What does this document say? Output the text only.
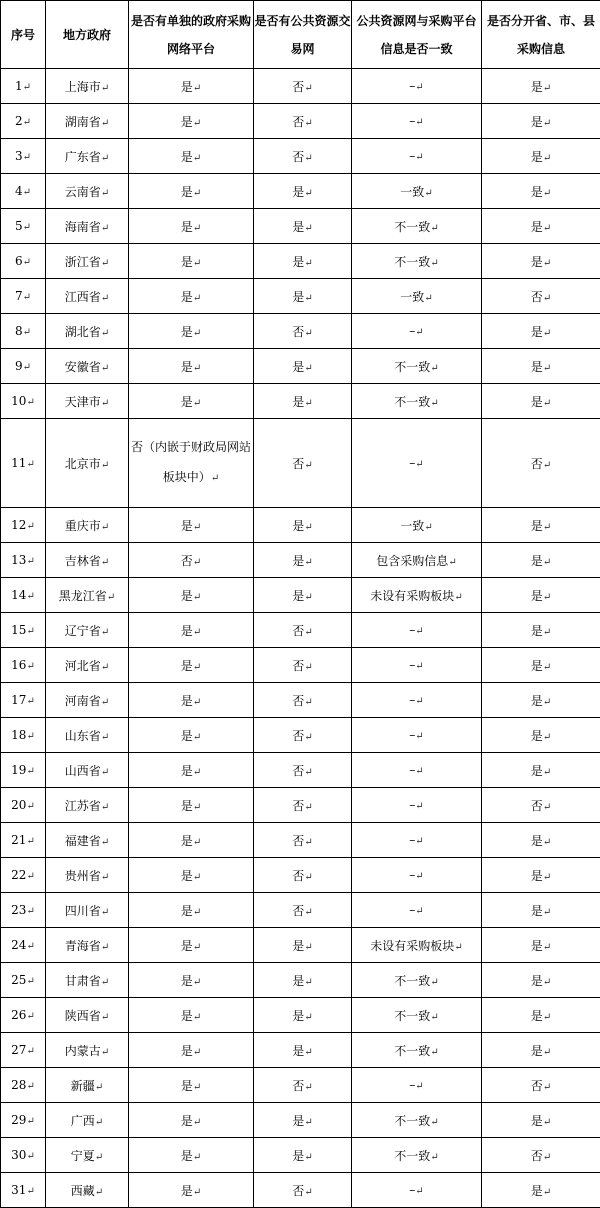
序号	地方政府	是否有单独的政府采购网络平台	是否有公共资源交易网	公共资源网与采购平台信息是否一致	是否分开省、市、县采购信息
1↵	上海市↵	是↵	否↵	–↵	是↵
2↵	湖南省↵	是↵	否↵	–↵	是↵
3↵	广东省↵	是↵	否↵	–↵	是↵
4↵	云南省↵	是↵	是↵	一致↵	是↵
5↵	海南省↵	是↵	是↵	不一致↵	是↵
6↵	浙江省↵	是↵	是↵	不一致↵	是↵
7↵	江西省↵	是↵	是↵	一致↵	否↵
8↵	湖北省↵	是↵	否↵	–↵	是↵
9↵	安徽省↵	是↵	是↵	不一致↵	是↵
10↵	天津市↵	是↵	是↵	不一致↵	是↵
11↵	北京市↵	否（内嵌于财政局网站板块中）↵	否↵	–↵	否↵
12↵	重庆市↵	是↵	是↵	一致↵	是↵
13↵	吉林省↵	否↵	是↵	包含采购信息↵	是↵
14↵	黑龙江省↵	是↵	是↵	未设有采购板块↵	是↵
15↵	辽宁省↵	是↵	否↵	–↵	是↵
16↵	河北省↵	是↵	否↵	–↵	是↵
17↵	河南省↵	是↵	否↵	–↵	是↵
18↵	山东省↵	是↵	否↵	–↵	是↵
19↵	山西省↵	是↵	否↵	–↵	是↵
20↵	江苏省↵	是↵	否↵	–↵	否↵
21↵	福建省↵	是↵	否↵	–↵	是↵
22↵	贵州省↵	是↵	否↵	–↵	是↵
23↵	四川省↵	是↵	否↵	–↵	是↵
24↵	青海省↵	是↵	是↵	未设有采购板块↵	是↵
25↵	甘肃省↵	是↵	是↵	不一致↵	是↵
26↵	陕西省↵	是↵	是↵	不一致↵	是↵
27↵	内蒙古↵	是↵	是↵	不一致↵	是↵
28↵	新疆↵	是↵	否↵	–↵	否↵
29↵	广西↵	是↵	是↵	不一致↵	是↵
30↵	宁夏↵	是↵	是↵	不一致↵	否↵
31↵	西藏↵	是↵	否↵	–↵	是↵
